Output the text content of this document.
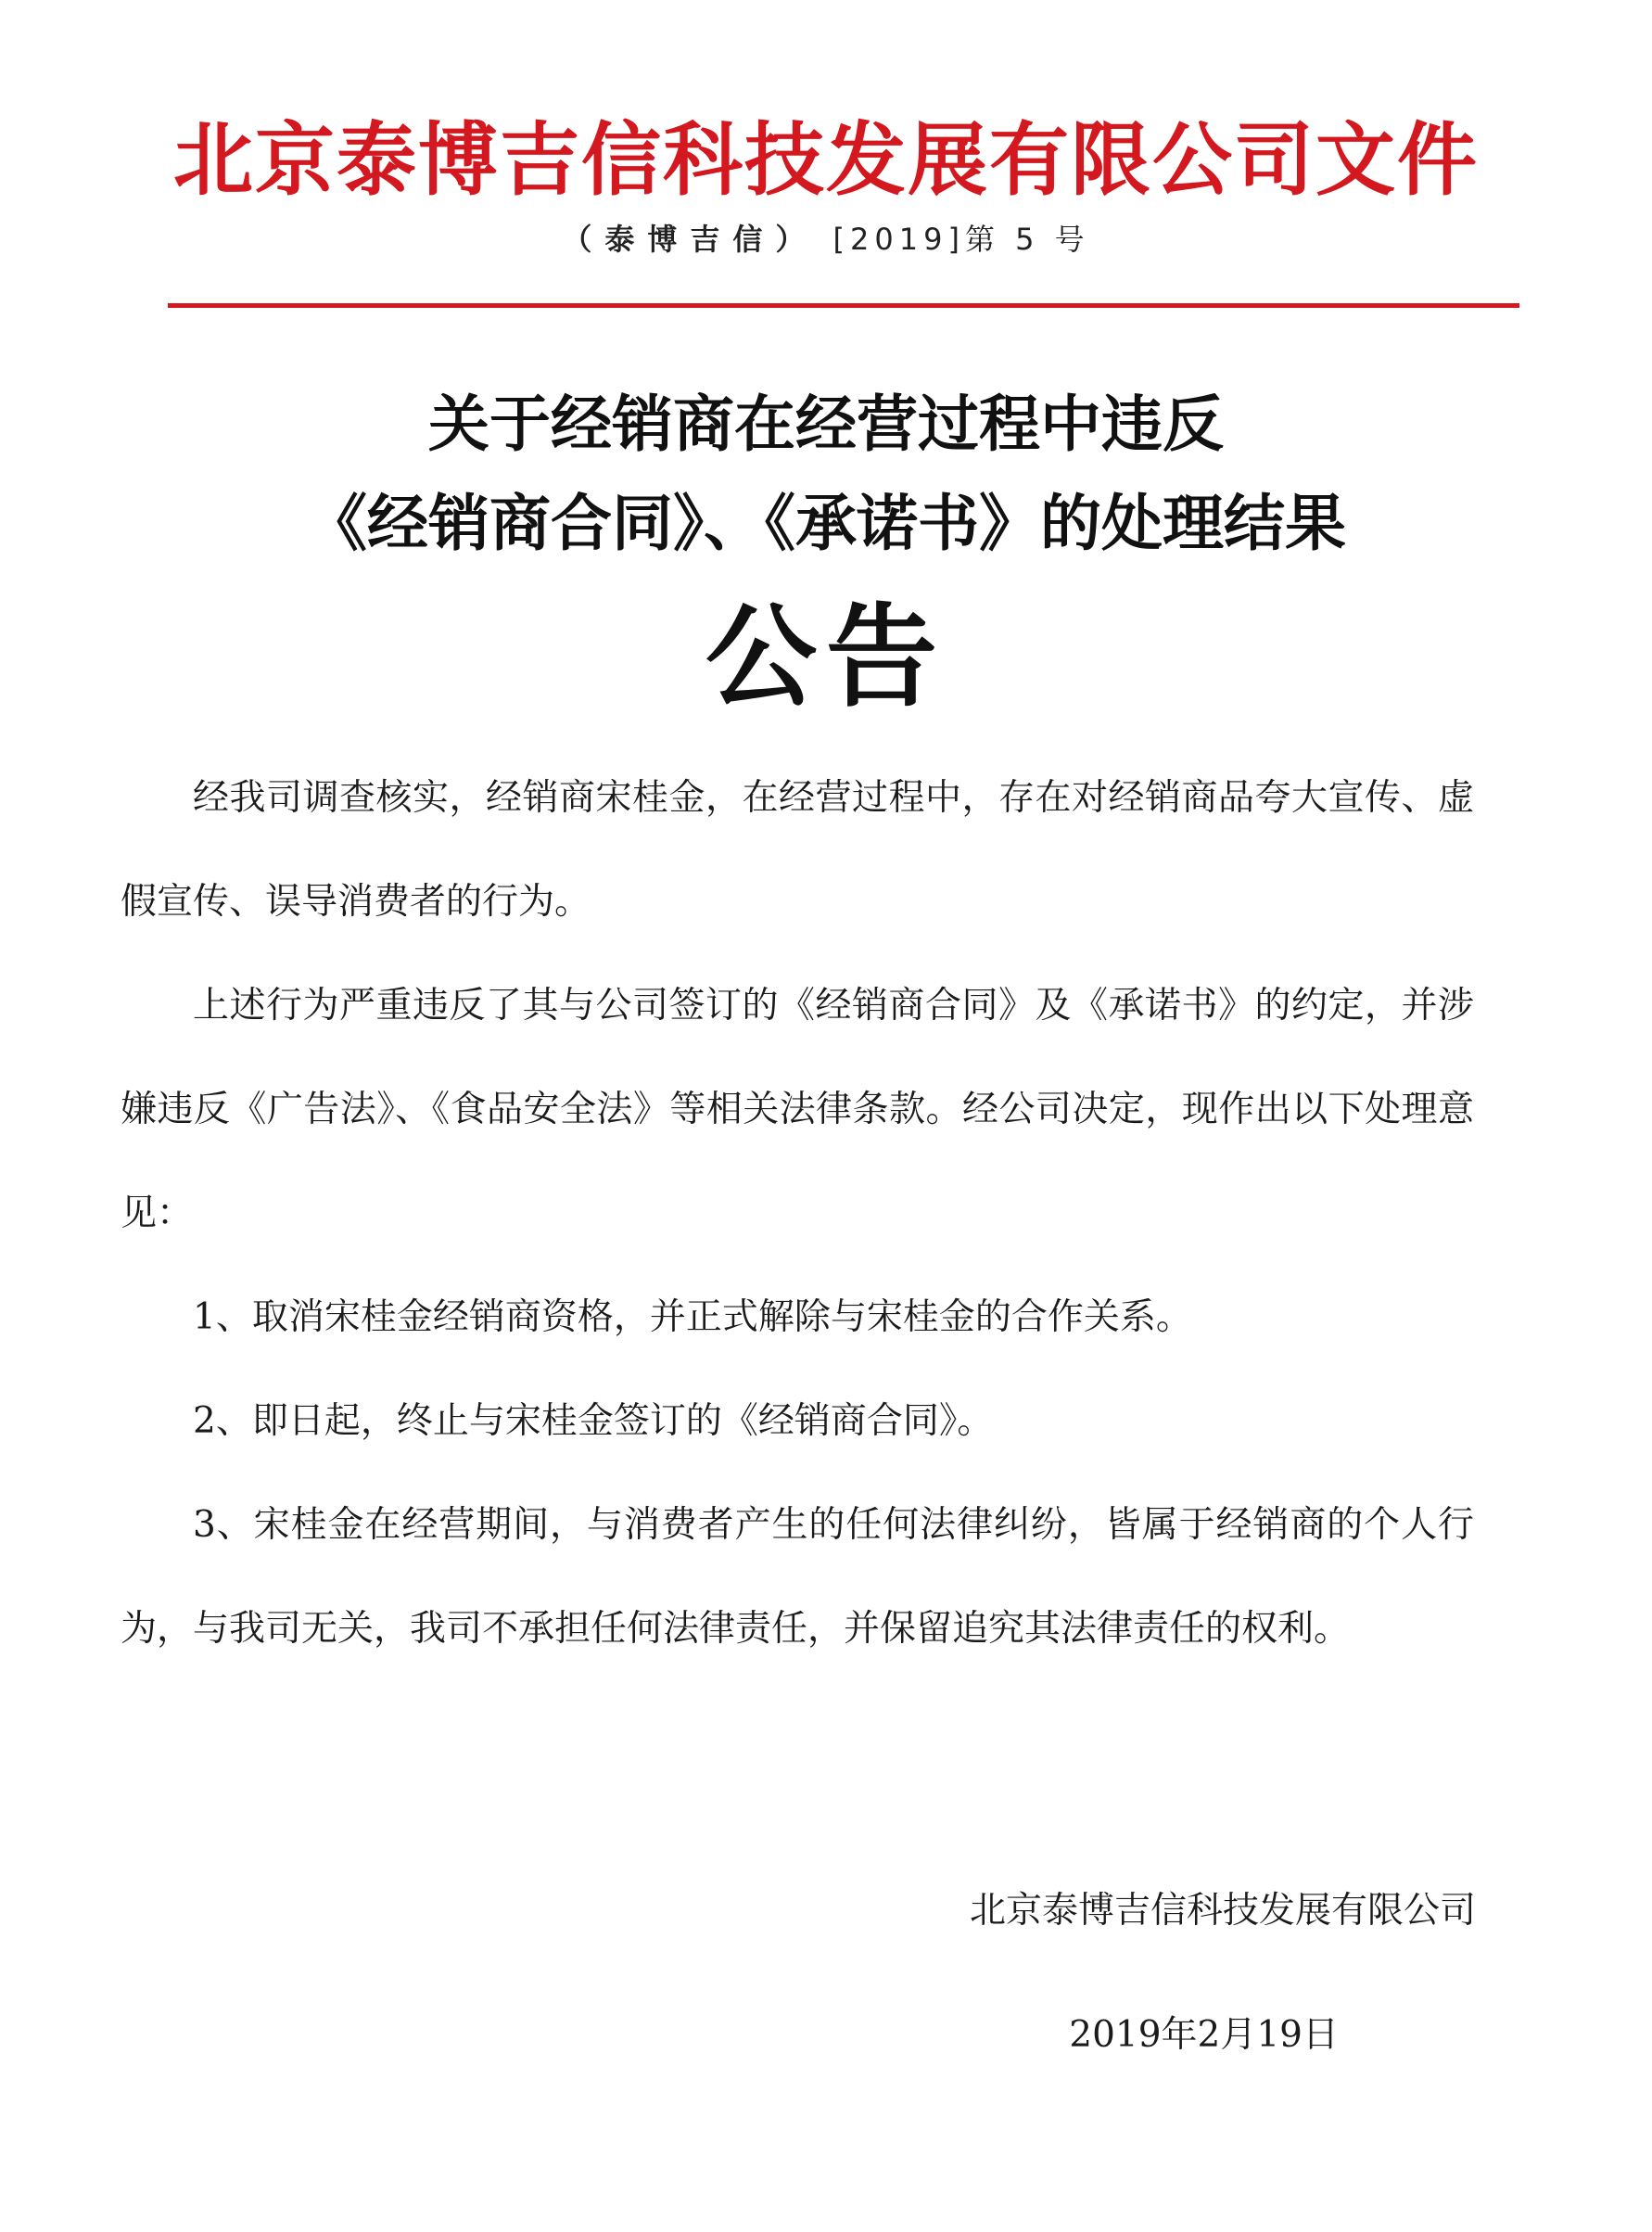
北京泰博吉信科技发展有限公司文件
（泰博吉信） [2019]第 5 号
关于经销商在经营过程中违反
《经销商合同》、《承诺书》的处理结果
公告

经我司调查核实，经销商宋桂金，在经营过程中，存在对经销商品夸大宣传、虚假宣传、误导消费者的行为。

上述行为严重违反了其与公司签订的《经销商合同》及《承诺书》的约定，并涉嫌违反《广告法》、《食品安全法》等相关法律条款。经公司决定，现作出以下处理意见：

1、取消宋桂金经销商资格，并正式解除与宋桂金的合作关系。

2、即日起，终止与宋桂金签订的《经销商合同》。

3、宋桂金在经营期间，与消费者产生的任何法律纠纷，皆属于经销商的个人行为，与我司无关，我司不承担任何法律责任，并保留追究其法律责任的权利。

北京泰博吉信科技发展有限公司
2019年2月19日
